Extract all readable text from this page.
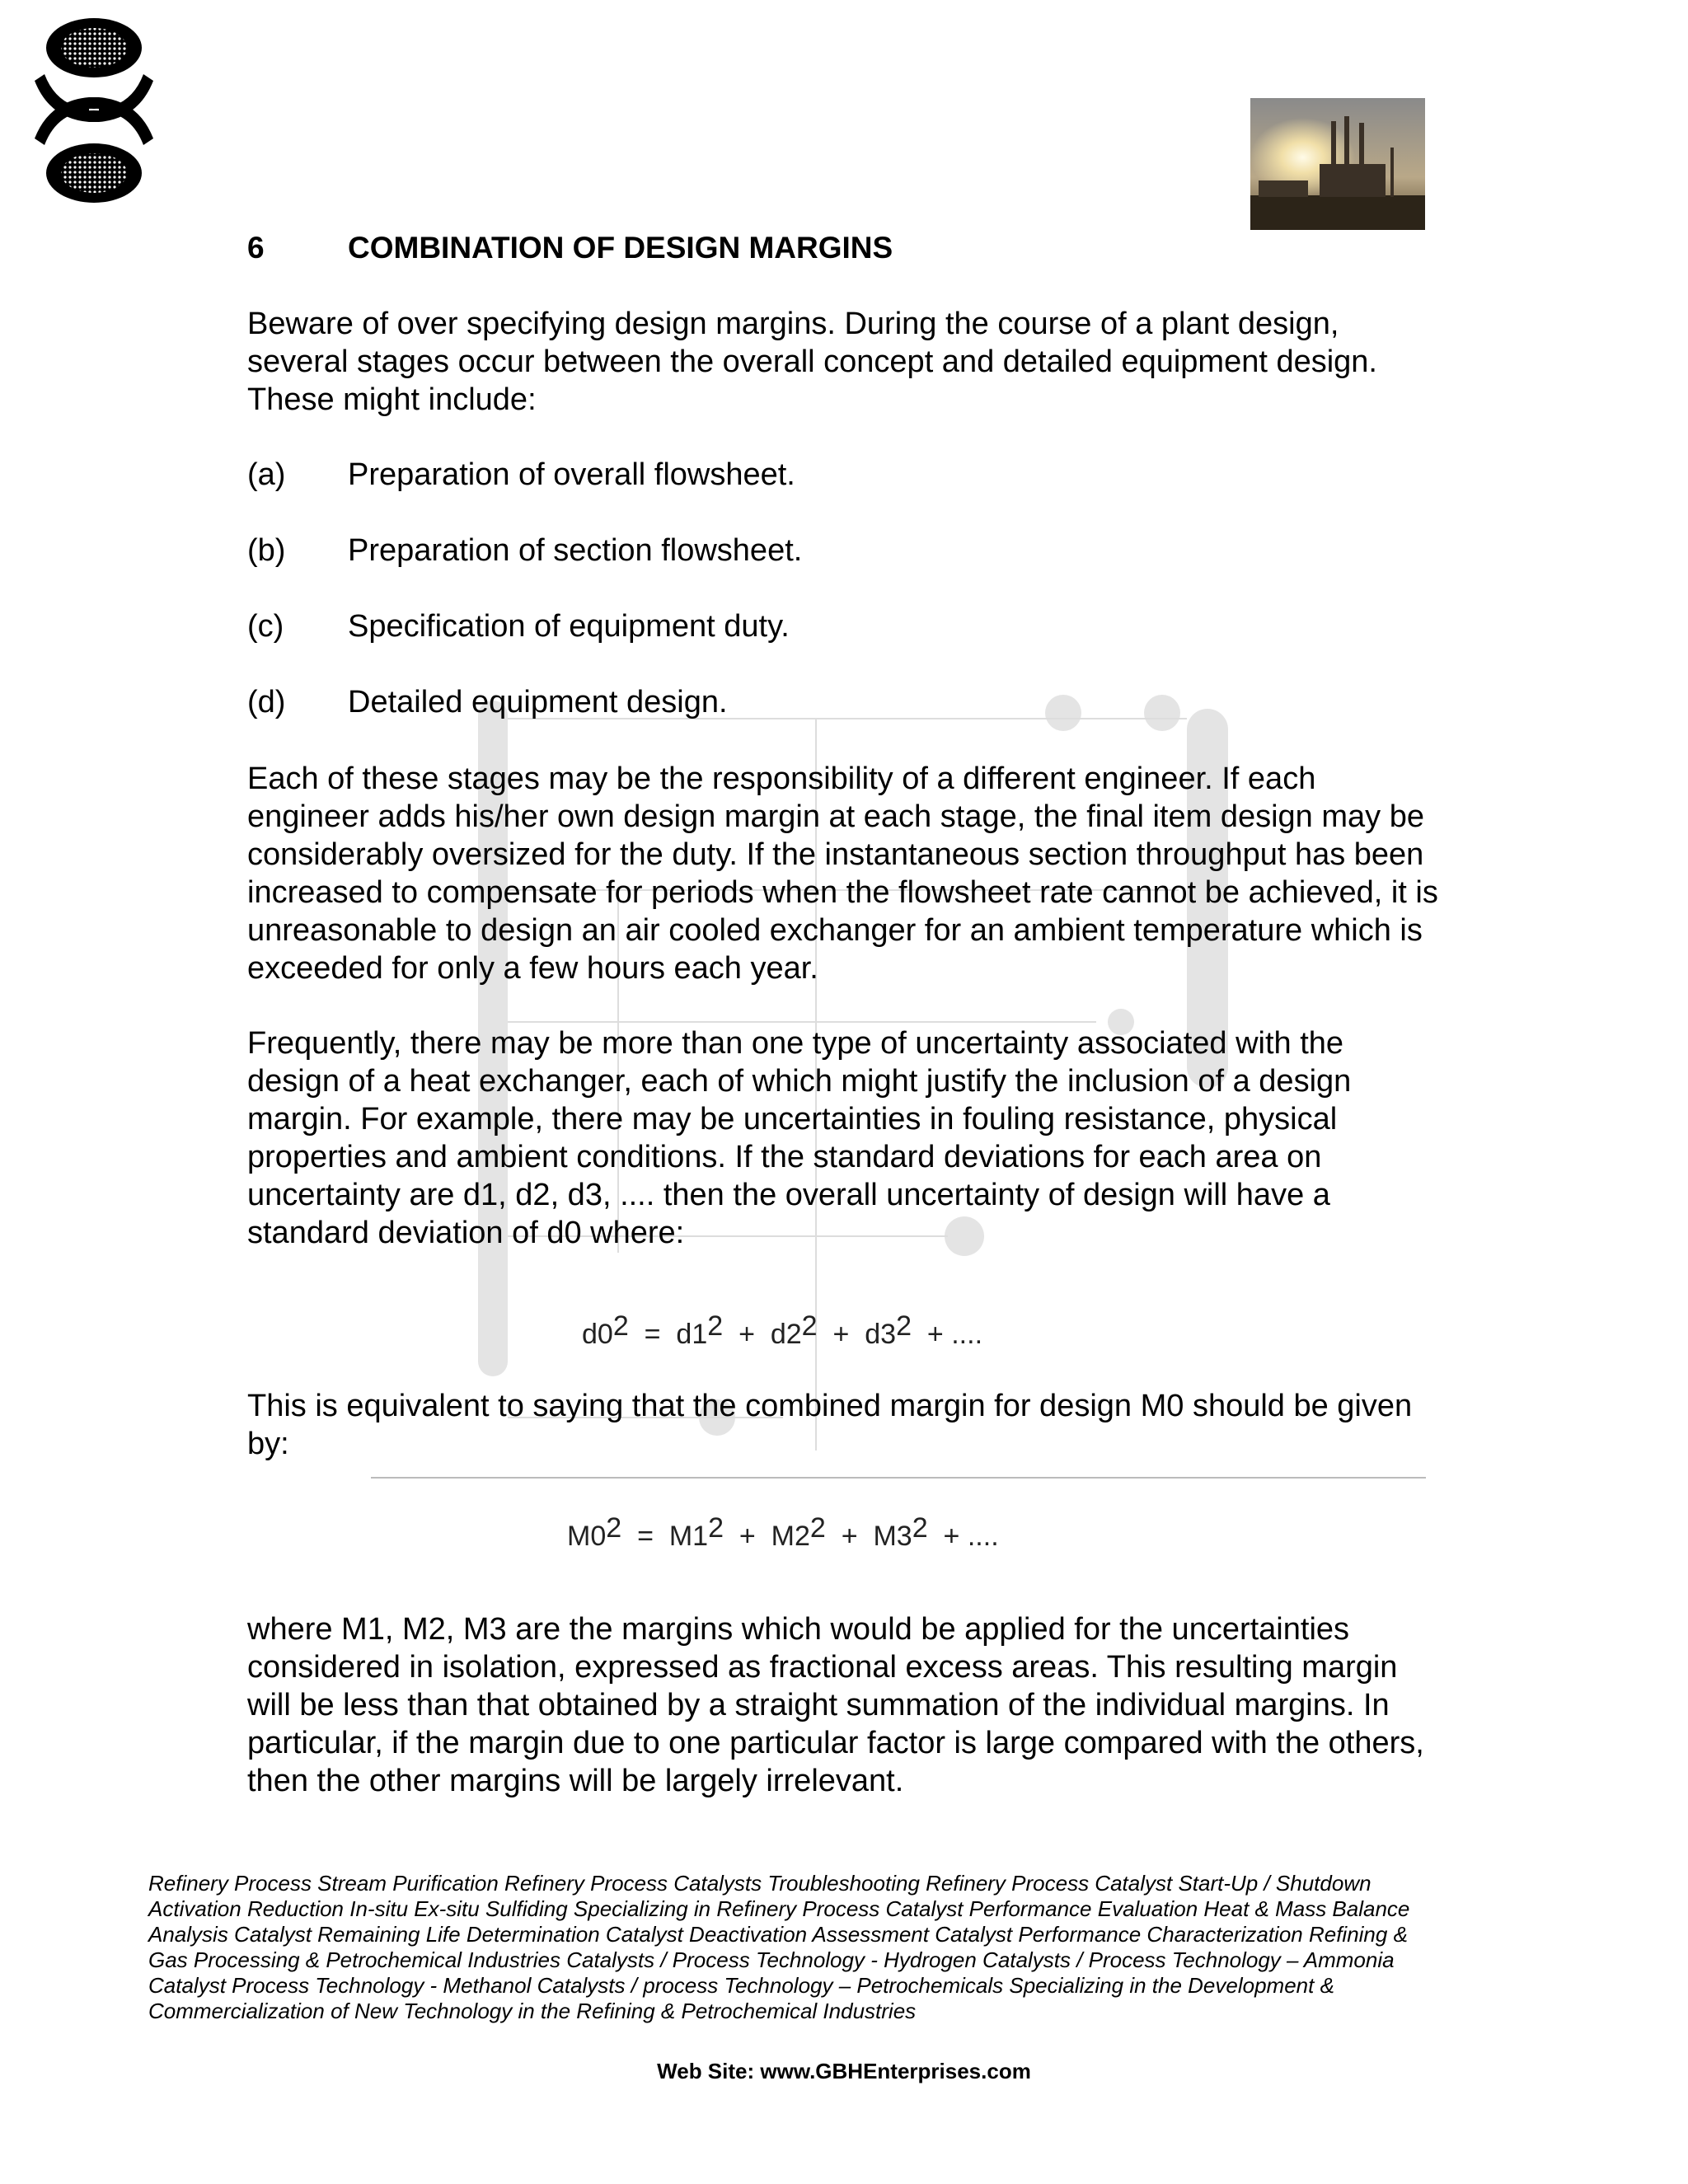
6	COMBINATION OF DESIGN MARGINS
Beware of over specifying design margins. During the course of a plant design, several stages occur between the overall concept and detailed equipment design. These might include:
(a) Preparation of overall flowsheet.
(b) Preparation of section flowsheet.
(c) Specification of equipment duty.
(d) Detailed equipment design.
Each of these stages may be the responsibility of a different engineer. If each engineer adds his/her own design margin at each stage, the final item design may be considerably oversized for the duty. If the instantaneous section throughput has been increased to compensate for periods when the flowsheet rate cannot be achieved, it is unreasonable to design an air cooled exchanger for an ambient temperature which is exceeded for only a few hours each year.
Frequently, there may be more than one type of uncertainty associated with the design of a heat exchanger, each of which might justify the inclusion of a design margin. For example, there may be uncertainties in fouling resistance, physical properties and ambient conditions. If the standard deviations for each area on uncertainty are d1, d2, d3, .... then the overall uncertainty of design will have a standard deviation of d0 where:
$d0^2 = d1^2 + d2^2 + d3^2$ + ....
This is equivalent to saying that the combined margin for design M0 should be given by:
$M0^2 = M1^2 + M2^2 + M3^2$ + ....
where M1, M2, M3 are the margins which would be applied for the uncertainties considered in isolation, expressed as fractional excess areas. This resulting margin will be less than that obtained by a straight summation of the individual margins. In particular, if the margin due to one particular factor is large compared with the others, then the other margins will be largely irrelevant.
Refinery Process Stream Purification Refinery Process Catalysts Troubleshooting Refinery Process Catalyst Start-Up / Shutdown Activation Reduction In-situ Ex-situ Sulfiding Specializing in Refinery Process Catalyst Performance Evaluation Heat & Mass Balance Analysis Catalyst Remaining Life Determination Catalyst Deactivation Assessment Catalyst Performance Characterization Refining & Gas Processing & Petrochemical Industries Catalysts / Process Technology - Hydrogen Catalysts / Process Technology – Ammonia Catalyst Process Technology - Methanol Catalysts / process Technology – Petrochemicals Specializing in the Development & Commercialization of New Technology in the Refining & Petrochemical Industries
Web Site: www.GBHEnterprises.com
